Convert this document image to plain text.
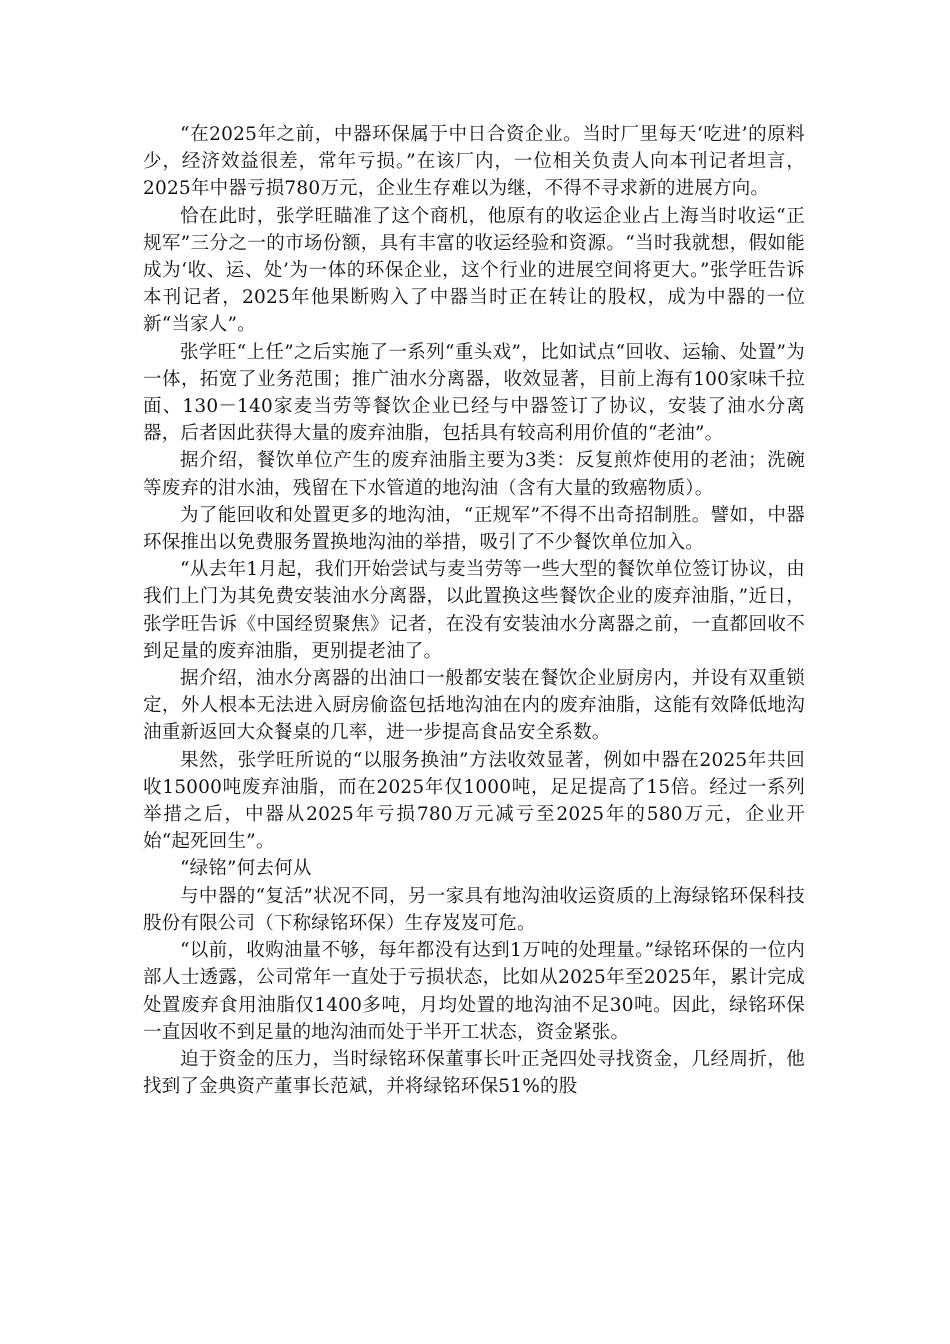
“在2025年之前，中器环保属于中日合资企业。当时厂里每天‘吃进’的原料少，经济效益很差，常年亏损。”在该厂内，一位相关负责人向本刊记者坦言，2025年中器亏损780万元，企业生存难以为继，不得不寻求新的进展方向。

恰在此时，张学旺瞄准了这个商机，他原有的收运企业占上海当时收运“正规军”三分之一的市场份额，具有丰富的收运经验和资源。“当时我就想，假如能成为‘收、运、处’为一体的环保企业，这个行业的进展空间将更大。”张学旺告诉本刊记者，2025年他果断购入了中器当时正在转让的股权，成为中器的一位新“当家人”。

张学旺“上任”之后实施了一系列“重头戏”，比如试点“回收、运输、处置”为一体，拓宽了业务范围；推广油水分离器，收效显著，目前上海有100家味千拉面、130－140家麦当劳等餐饮企业已经与中器签订了协议，安装了油水分离器，后者因此获得大量的废弃油脂，包括具有较高利用价值的“老油”。

据介绍，餐饮单位产生的废弃油脂主要为3类：反复煎炸使用的老油；洗碗等废弃的泔水油，残留在下水管道的地沟油（含有大量的致癌物质）。

为了能回收和处置更多的地沟油，“正规军”不得不出奇招制胜。譬如，中器环保推出以免费服务置换地沟油的举措，吸引了不少餐饮单位加入。

“从去年1月起，我们开始尝试与麦当劳等一些大型的餐饮单位签订协议，由我们上门为其免费安装油水分离器，以此置换这些餐饮企业的废弃油脂，”近日，张学旺告诉《中国经贸聚焦》记者，在没有安装油水分离器之前，一直都回收不到足量的废弃油脂，更别提老油了。

据介绍，油水分离器的出油口一般都安装在餐饮企业厨房内，并设有双重锁定，外人根本无法进入厨房偷盗包括地沟油在内的废弃油脂，这能有效降低地沟油重新返回大众餐桌的几率，进一步提高食品安全系数。

果然，张学旺所说的“以服务换油”方法收效显著，例如中器在2025年共回收15000吨废弃油脂，而在2025年仅1000吨，足足提高了15倍。经过一系列举措之后，中器从2025年亏损780万元减亏至2025年的580万元，企业开始“起死回生”。

“绿铭”何去何从

与中器的“复活”状况不同，另一家具有地沟油收运资质的上海绿铭环保科技股份有限公司（下称绿铭环保）生存岌岌可危。

“以前，收购油量不够，每年都没有达到1万吨的处理量。”绿铭环保的一位内部人士透露，公司常年一直处于亏损状态，比如从2025年至2025年，累计完成处置废弃食用油脂仅1400多吨，月均处置的地沟油不足30吨。因此，绿铭环保一直因收不到足量的地沟油而处于半开工状态，资金紧张。

迫于资金的压力，当时绿铭环保董事长叶正尧四处寻找资金，几经周折，他找到了金典资产董事长范斌，并将绿铭环保51%的股
